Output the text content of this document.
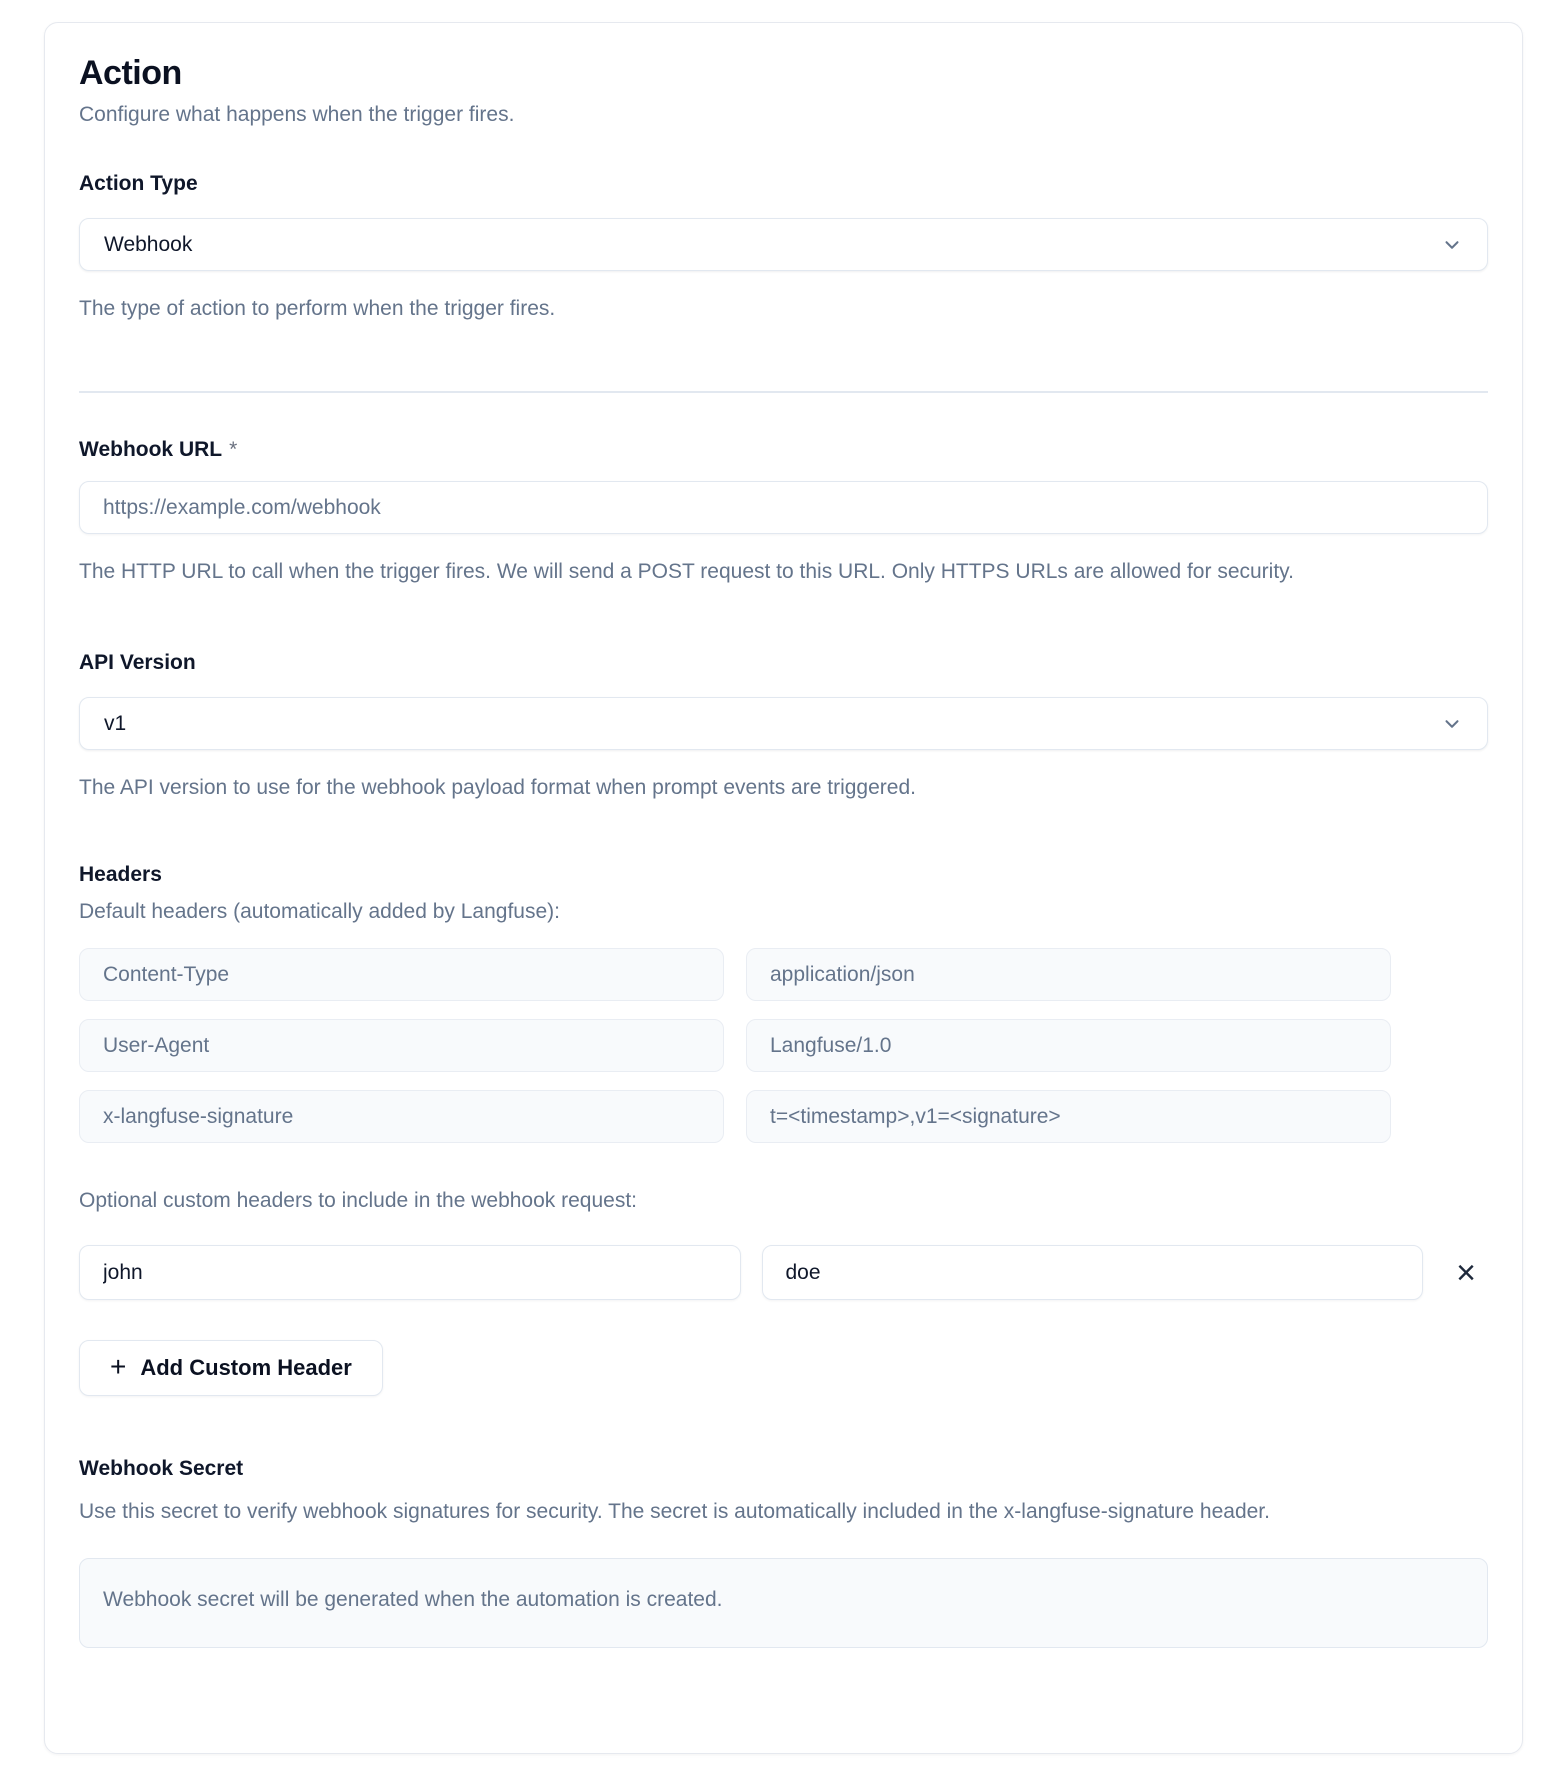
Action
Configure what happens when the trigger fires.
Action Type
Webhook
The type of action to perform when the trigger fires.
Webhook URL *
https://example.com/webhook
The HTTP URL to call when the trigger fires. We will send a POST request to this URL. Only HTTPS URLs are allowed for security.
API Version
v1
The API version to use for the webhook payload format when prompt events are triggered.
Headers
Default headers (automatically added by Langfuse):
Content-Type
application/json
User-Agent
Langfuse/1.0
x-langfuse-signature
t=<timestamp>,v1=<signature>
Optional custom headers to include in the webhook request:
john
doe
×
+ Add Custom Header
Webhook Secret
Use this secret to verify webhook signatures for security. The secret is automatically included in the x-langfuse-signature header.
Webhook secret will be generated when the automation is created.
